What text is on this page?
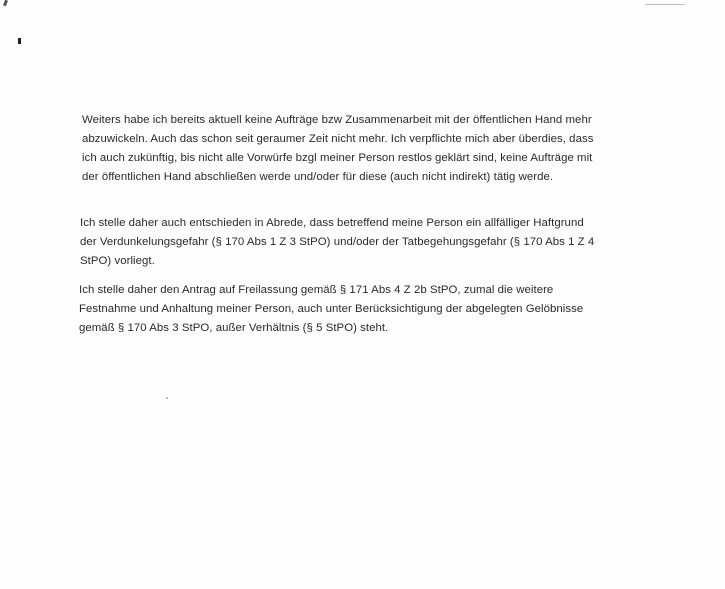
Weiters habe ich bereits aktuell keine Aufträge bzw Zusammenarbeit mit der öffentlichen Hand mehr
abzuwickeln. Auch das schon seit geraumer Zeit nicht mehr. Ich verpflichte mich aber überdies, dass
ich auch zukünftig, bis nicht alle Vorwürfe bzgl meiner Person restlos geklärt sind, keine Aufträge mit
der öffentlichen Hand abschließen werde und/oder für diese (auch nicht indirekt) tätig werde.

Ich stelle daher auch entschieden in Abrede, dass betreffend meine Person ein allfälliger Haftgrund
der Verdunkelungsgefahr (§ 170 Abs 1 Z 3 StPO) und/oder der Tatbegehungsgefahr (§ 170 Abs 1 Z 4
StPO) vorliegt.

Ich stelle daher den Antrag auf Freilassung gemäß § 171 Abs 4 Z 2b StPO, zumal die weitere
Festnahme und Anhaltung meiner Person, auch unter Berücksichtigung der abgelegten Gelöbnisse
gemäß § 170 Abs 3 StPO, außer Verhältnis (§ 5 StPO) steht.
